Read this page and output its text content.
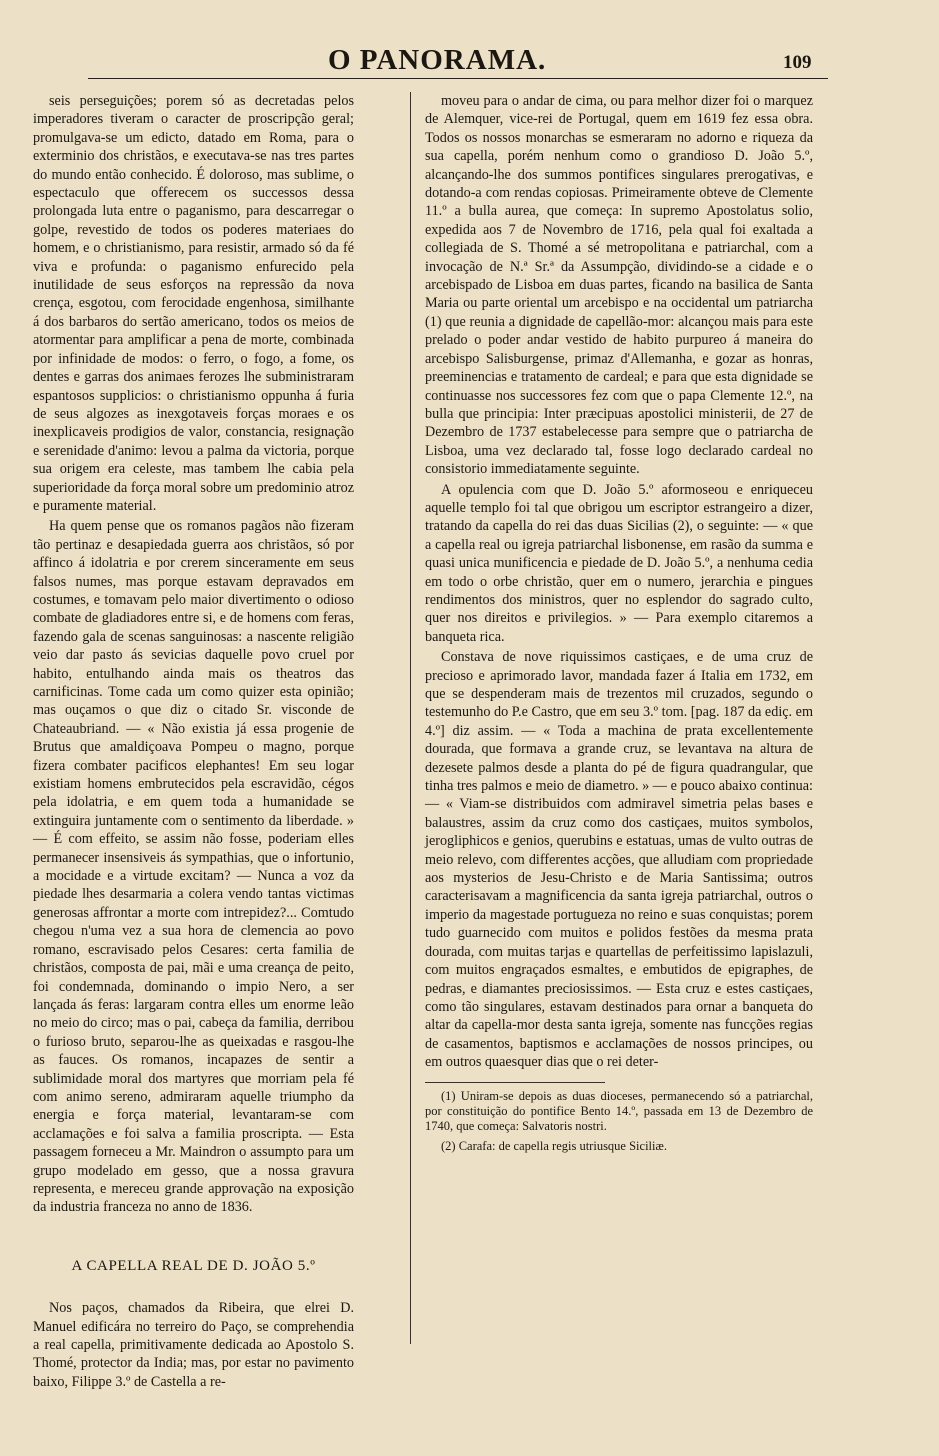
O PANORAMA.	109

seis perseguições; porem só as decretadas pelos imperadores tiveram o caracter de proscripção geral; promulgava-se um edicto, datado em Roma, para o exterminio dos christãos, e executava-se nas tres partes do mundo então conhecido. É doloroso, mas sublime, o espectaculo que offerecem os successos dessa prolongada luta entre o paganismo, para descarregar o golpe, revestido de todos os poderes materiaes do homem, e o christianismo, para resistir, armado só da fé viva e profunda: o paganismo enfurecido pela inutilidade de seus esforços na repressão da nova crença, esgotou, com ferocidade engenhosa, similhante á dos barbaros do sertão americano, todos os meios de atormentar para amplificar a pena de morte, combinada por infinidade de modos: o ferro, o fogo, a fome, os dentes e garras dos animaes ferozes lhe subministraram espantosos supplicios: o christianismo oppunha á furia de seus algozes as inexgotaveis forças moraes e os inexplicaveis prodigios de valor, constancia, resignação e serenidade d'animo: levou a palma da victoria, porque sua origem era celeste, mas tambem lhe cabia pela superioridade da força moral sobre um predominio atroz e puramente material.

Ha quem pense que os romanos pagãos não fizeram tão pertinaz e desapiedada guerra aos christãos, só por affinco á idolatria e por crerem sinceramente em seus falsos numes, mas porque estavam depravados em costumes, e tomavam pelo maior divertimento o odioso combate de gladiadores entre si, e de homens com feras, fazendo gala de scenas sanguinosas: a nascente religião veio dar pasto ás sevicias daquelle povo cruel por habito, entulhando ainda mais os theatros das carnificinas. Tome cada um como quizer esta opinião; mas ouçamos o que diz o citado Sr. visconde de Chateaubriand. — « Não existia já essa progenie de Brutus que amaldiçoava Pompeu o magno, porque fizera combater pacificos elephantes! Em seu logar existiam homens embrutecidos pela escravidão, cégos pela idolatria, e em quem toda a humanidade se extinguira juntamente com o sentimento da liberdade. » — É com effeito, se assim não fosse, poderiam elles permanecer insensiveis ás sympathias, que o infortunio, a mocidade e a virtude excitam? — Nunca a voz da piedade lhes desarmaria a colera vendo tantas victimas generosas affrontar a morte com intrepidez?... Comtudo chegou n'uma vez a sua hora de clemencia ao povo romano, escravisado pelos Cesares: certa familia de christãos, composta de pai, mãi e uma creança de peito, foi condemnada, dominando o impio Nero, a ser lançada ás feras: largaram contra elles um enorme leão no meio do circo; mas o pai, cabeça da familia, derribou o furioso bruto, separou-lhe as queixadas e rasgou-lhe as fauces. Os romanos, incapazes de sentir a sublimidade moral dos martyres que morriam pela fé com animo sereno, admiraram aquelle triumpho da energia e força material, levantaram-se com acclamações e foi salva a familia proscripta. — Esta passagem forneceu a Mr. Maindron o assumpto para um grupo modelado em gesso, que a nossa gravura representa, e mereceu grande approvação na exposição da industria franceza no anno de 1836.

A CAPELLA REAL DE D. JOÃO 5.º

Nos paços, chamados da Ribeira, que elrei D. Manuel edificára no terreiro do Paço, se comprehendia a real capella, primitivamente dedicada ao Apostolo S. Thomé, protector da India; mas, por estar no pavimento baixo, Filippe 3.º de Castella a re-

moveu para o andar de cima, ou para melhor dizer foi o marquez de Alemquer, vice-rei de Portugal, quem em 1619 fez essa obra. Todos os nossos monarchas se esmeraram no adorno e riqueza da sua capella, porém nenhum como o grandioso D. João 5.º, alcançando-lhe dos summos pontifices singulares prerogativas, e dotando-a com rendas copiosas. Primeiramente obteve de Clemente 11.º a bulla aurea, que começa: In supremo Apostolatus solio, expedida aos 7 de Novembro de 1716, pela qual foi exaltada a collegiada de S. Thomé a sé metropolitana e patriarchal, com a invocação de N.ª Sr.ª da Assumpção, dividindo-se a cidade e o arcebispado de Lisboa em duas partes, ficando na basilica de Santa Maria ou parte oriental um arcebispo e na occidental um patriarcha (1) que reunia a dignidade de capellão-mor: alcançou mais para este prelado o poder andar vestido de habito purpureo á maneira do arcebispo Salisburgense, primaz d'Allemanha, e gozar as honras, preeminencias e tratamento de cardeal; e para que esta dignidade se continuasse nos successores fez com que o papa Clemente 12.º, na bulla que principia: Inter præcipuas apostolici ministerii, de 27 de Dezembro de 1737 estabelecesse para sempre que o patriarcha de Lisboa, uma vez declarado tal, fosse logo declarado cardeal no consistorio immediatamente seguinte.

A opulencia com que D. João 5.º aformoseou e enriqueceu aquelle templo foi tal que obrigou um escriptor estrangeiro a dizer, tratando da capella do rei das duas Sicilias (2), o seguinte: — « que a capella real ou igreja patriarchal lisbonense, em rasão da summa e quasi unica munificencia e piedade de D. João 5.º, a nenhuma cedia em todo o orbe christão, quer em o numero, jerarchia e pingues rendimentos dos ministros, quer no esplendor do sagrado culto, quer nos direitos e privilegios. » — Para exemplo citaremos a banqueta rica.

Constava de nove riquissimos castiçaes, e de uma cruz de precioso e aprimorado lavor, mandada fazer á Italia em 1732, em que se despenderam mais de trezentos mil cruzados, segundo o testemunho do P.e Castro, que em seu 3.º tom. [pag. 187 da ediç. em 4.º] diz assim. — « Toda a machina de prata excellentemente dourada, que formava a grande cruz, se levantava na altura de dezesete palmos desde a planta do pé de figura quadrangular, que tinha tres palmos e meio de diametro. » — e pouco abaixo continua: — « Viam-se distribuidos com admiravel simetria pelas bases e balaustres, assim da cruz como dos castiçaes, muitos symbolos, jerogliphicos e genios, querubins e estatuas, umas de vulto outras de meio relevo, com differentes acções, que alludiam com propriedade aos mysterios de Jesu-Christo e de Maria Santissima; outros caracterisavam a magnificencia da santa igreja patriarchal, outros o imperio da magestade portugueza no reino e suas conquistas; porem tudo guarnecido com muitos e polidos festões da mesma prata dourada, com muitas tarjas e quartellas de perfeitissimo lapislazuli, com muitos engraçados esmaltes, e embutidos de epigraphes, de pedras, e diamantes preciosissimos. — Esta cruz e estes castiçaes, como tão singulares, estavam destinados para ornar a banqueta do altar da capella-mor desta santa igreja, somente nas funcções regias de casamentos, baptismos e acclamações de nossos principes, ou em outros quaesquer dias que o rei deter-

(1) Uniram-se depois as duas dioceses, permanecendo só a patriarchal, por constituição do pontifice Bento 14.º, passada em 13 de Dezembro de 1740, que começa: Salvatoris nostri.

(2) Carafa: de capella regis utriusque Siciliæ.
